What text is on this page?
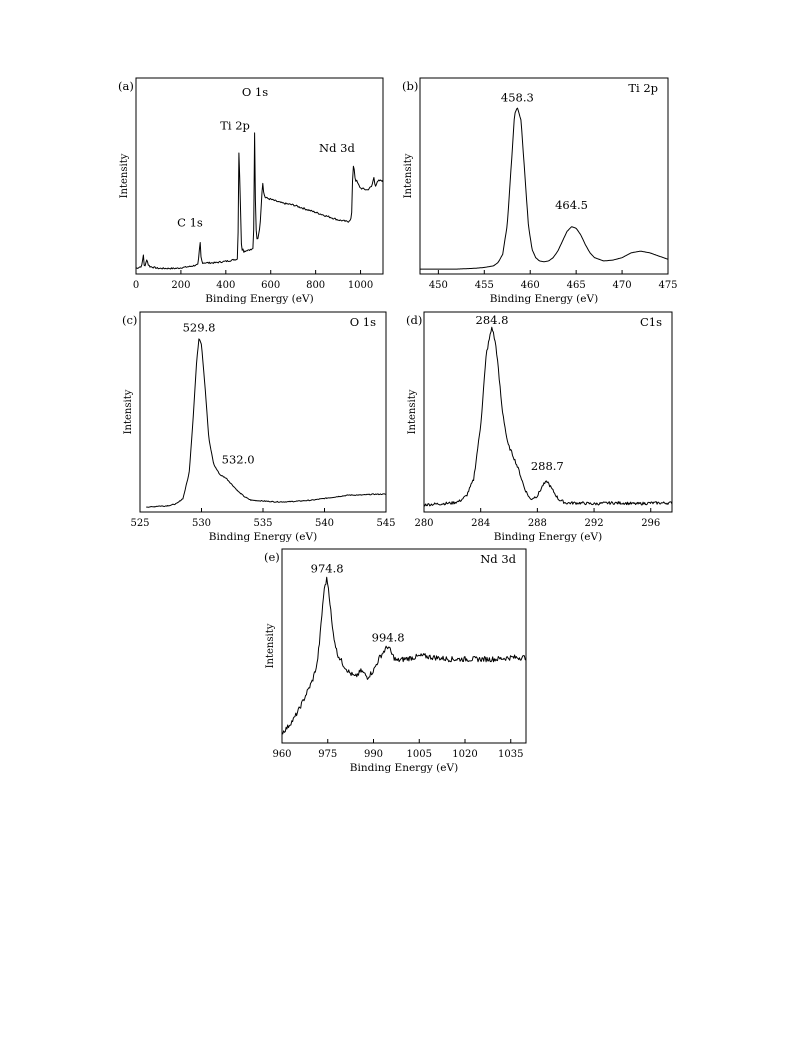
0	200	400	600	800 1000
Binding Energy (eV)
Intensity
(a)	O 1s
Ti 2p
Nd 3d
C 1s
450	455	460	465	470	475
Binding Energy (eV)
Intensity
(b)	Ti 2p
458.3
464.5
525	530	535	540	545
Binding Energy (eV)
Intensity
(c)	O 1s
529.8
532.0
280	284	288	292	296
Binding Energy (eV)
Intensity
(d)	C1s
284.8
288.7
960	975	990 1005 1020 1035
Binding Energy (eV)
Intensity
(e)	Nd 3d
974.8
994.8
